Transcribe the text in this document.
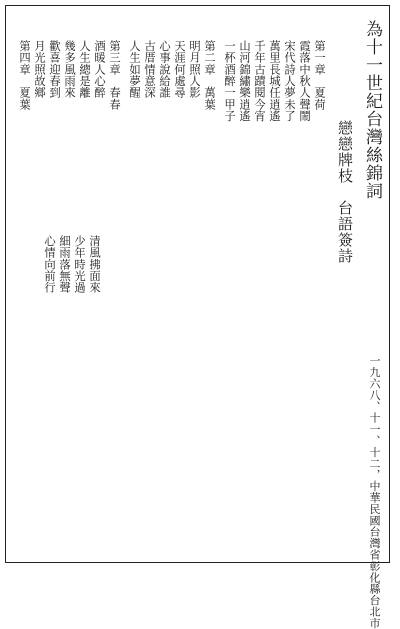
為十一世紀台灣絲錦詞
戀戀牌枝　台語簽詩
第一章　夏荷　　　　
霞落中秋人聲鬧
宋代詩人夢未了
萬里長城任逍遙
千年古蹟閱今宵
山河錦繡樂逍遙
一杯酒醉一甲子
第二章　萬葉　　　　
明月照人影
天涯何處尋
心事說給誰
古厝情意深
人生如夢醒
第三章　春春
酒暖人心醉
人生總是離
幾多風雨來
歡喜迎春到
月光照故鄉
第四章　夏葉
清風拂面來
少年時光過
細雨落無聲
心情向前行
一九六八、十一、十二，中華民國台灣省彰化縣台北市
